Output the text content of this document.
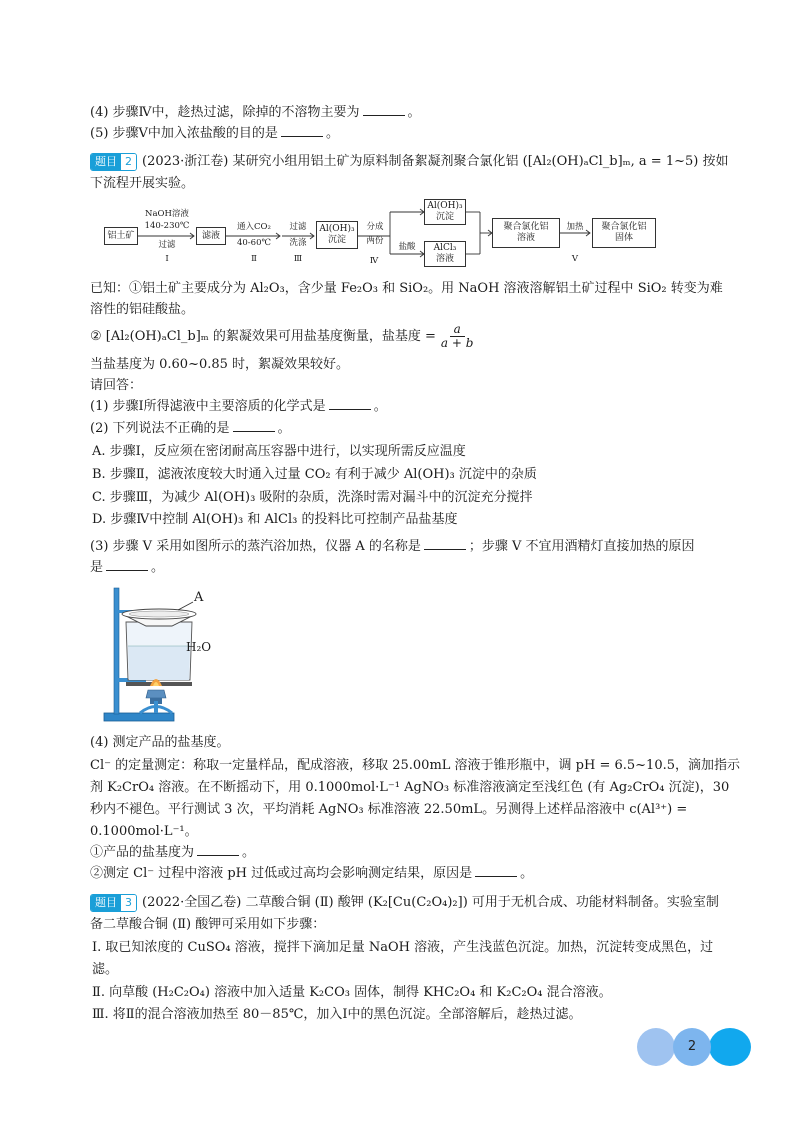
(4) 步骤Ⅳ中，趁热过滤，除掉的不溶物主要为	。
(5) 步骤Ⅴ中加入浓盐酸的目的是	。
题目 2 (2023·浙江卷) 某研究小组用铝土矿为原料制备絮凝剂聚合氯化铝 ([Al₂(OH)ₐCl_b]ₘ, a = 1~5) 按如
下流程开展实验。
铝土矿
NaOH溶液
140-230℃
过滤
Ⅰ
滤液
通入CO₂
40-60℃
Ⅱ
过滤
洗涤
Ⅲ
Al(OH)₃
沉淀
分成
两份
Ⅳ
盐酸
Al(OH)₃
沉淀
AlCl₃
溶液
聚合氯化铝
溶液
加热
Ⅴ
聚合氯化铝
固体
已知：①铝土矿主要成分为 Al₂O₃，含少量 Fe₂O₃ 和 SiO₂。用 NaOH 溶液溶解铝土矿过程中 SiO₂ 转变为难
溶性的铝硅酸盐。
② [Al₂(OH)ₐCl_b]ₘ 的絮凝效果可用盐基度衡量，盐基度 = $\frac{a}{a + b}$
当盐基度为 0.60~0.85 时，絮凝效果较好。
请回答：
(1) 步骤Ⅰ所得滤液中主要溶质的化学式是	。
(2) 下列说法不正确的是	。
A. 步骤Ⅰ，反应须在密闭耐高压容器中进行，以实现所需反应温度
B. 步骤Ⅱ，滤液浓度较大时通入过量 CO₂ 有利于减少 Al(OH)₃ 沉淀中的杂质
C. 步骤Ⅲ，为减少 Al(OH)₃ 吸附的杂质，洗涤时需对漏斗中的沉淀充分搅拌
D. 步骤Ⅳ中控制 Al(OH)₃ 和 AlCl₃ 的投料比可控制产品盐基度
(3) 步骤 V 采用如图所示的蒸汽浴加热，仪器 A 的名称是	；步骤 V 不宜用酒精灯直接加热的原因
是	。
A
H₂O
(4) 测定产品的盐基度。
Cl⁻ 的定量测定：称取一定量样品，配成溶液，移取 25.00mL 溶液于锥形瓶中，调 pH = 6.5~10.5，滴加指示
剂 K₂CrO₄ 溶液。在不断摇动下，用 0.1000mol·L⁻¹ AgNO₃ 标准溶液滴定至浅红色 (有 Ag₂CrO₄ 沉淀)，30
秒内不褪色。平行测试 3 次，平均消耗 AgNO₃ 标准溶液 22.50mL。另测得上述样品溶液中 c(Al³⁺) =
0.1000mol·L⁻¹。
①产品的盐基度为	。
②测定 Cl⁻ 过程中溶液 pH 过低或过高均会影响测定结果，原因是	。
题目 3 (2022·全国乙卷) 二草酸合铜 (Ⅱ) 酸钾 (K₂[Cu(C₂O₄)₂]) 可用于无机合成、功能材料制备。实验室制
备二草酸合铜 (Ⅱ) 酸钾可采用如下步骤：
Ⅰ. 取已知浓度的 CuSO₄ 溶液，搅拌下滴加足量 NaOH 溶液，产生浅蓝色沉淀。加热，沉淀转变成黑色，过
滤。
Ⅱ. 向草酸 (H₂C₂O₄) 溶液中加入适量 K₂CO₃ 固体，制得 KHC₂O₄ 和 K₂C₂O₄ 混合溶液。
Ⅲ. 将Ⅱ的混合溶液加热至 80－85℃，加入Ⅰ中的黑色沉淀。全部溶解后，趁热过滤。
2
